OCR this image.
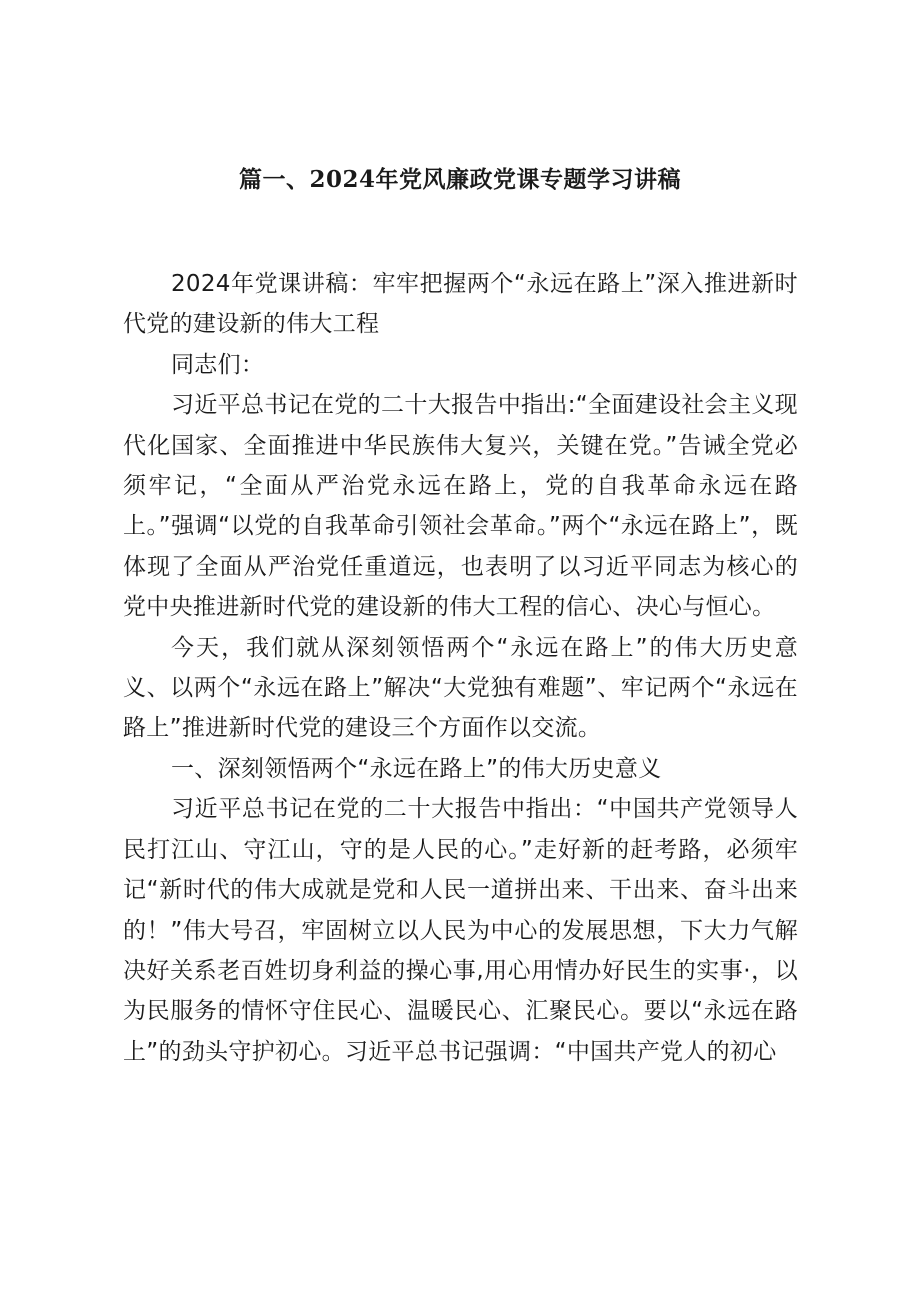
篇一、2024年党风廉政党课专题学习讲稿

2024年党课讲稿：牢牢把握两个“永远在路上”深入推进新时代党的建设新的伟大工程

同志们：

习近平总书记在党的二十大报告中指出:“全面建设社会主义现代化国家、全面推进中华民族伟大复兴，关键在党。”告诫全党必须牢记，“全面从严治党永远在路上，党的自我革命永远在路上。”强调“以党的自我革命引领社会革命。”两个“永远在路上”，既体现了全面从严治党任重道远，也表明了以习近平同志为核心的党中央推进新时代党的建设新的伟大工程的信心、决心与恒心。

今天，我们就从深刻领悟两个“永远在路上”的伟大历史意义、以两个“永远在路上”解决“大党独有难题”、牢记两个“永远在路上”推进新时代党的建设三个方面作以交流。

一、深刻领悟两个“永远在路上”的伟大历史意义

习近平总书记在党的二十大报告中指出：“中国共产党领导人民打江山、守江山，守的是人民的心。”走好新的赶考路，必须牢记“新时代的伟大成就是党和人民一道拼出来、干出来、奋斗出来的！”伟大号召，牢固树立以人民为中心的发展思想，下大力气解决好关系老百姓切身利益的操心事,用心用情办好民生的实事·，以为民服务的情怀守住民心、温暖民心、汇聚民心。要以“永远在路上”的劲头守护初心。习近平总书记强调：“中国共产党人的初心
